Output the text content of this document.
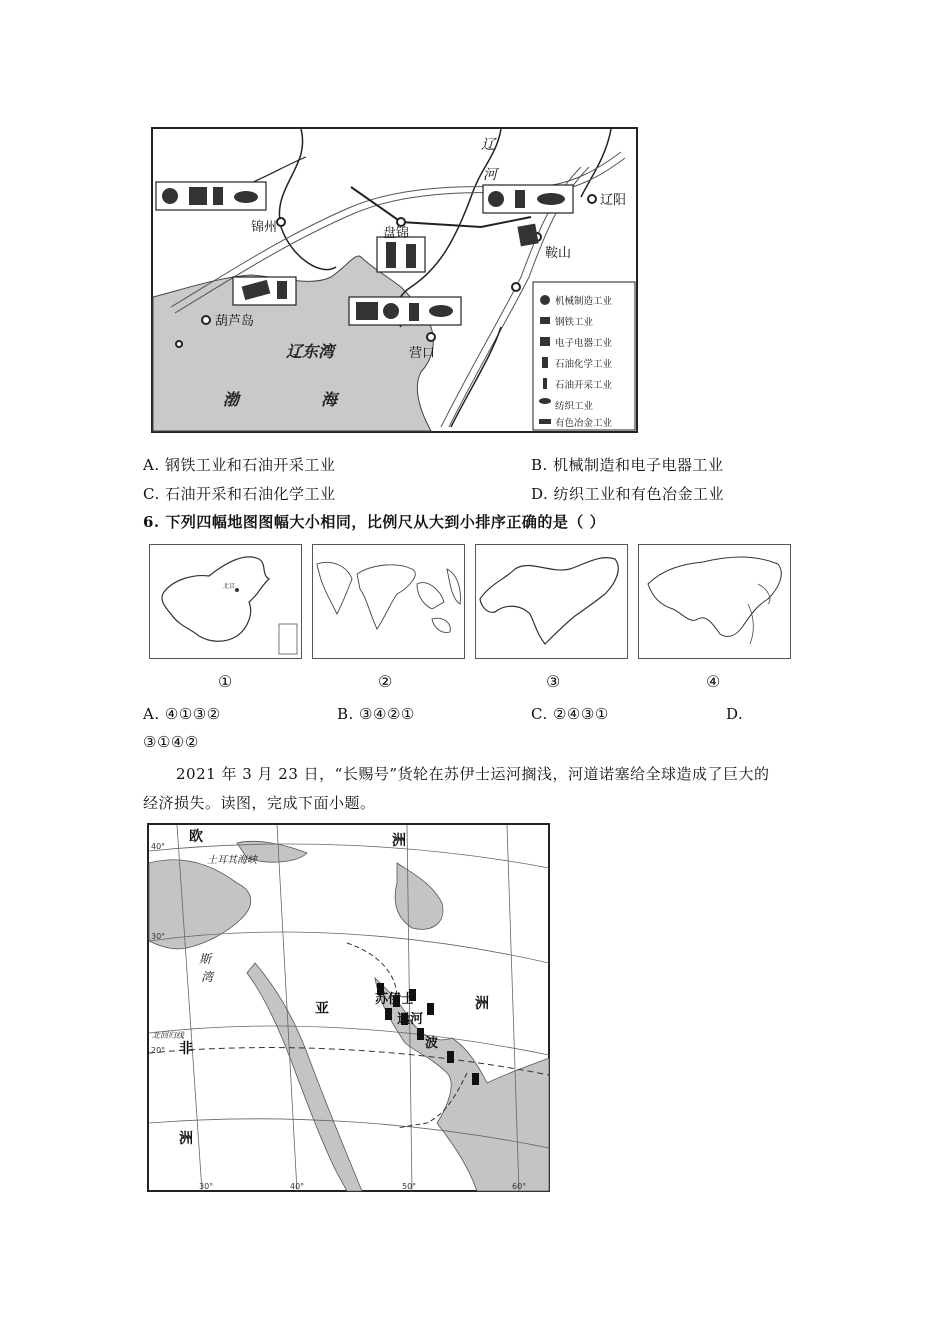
锦州	盘锦
辽阳
鞍山
葫芦岛
营口
辽
河
辽东湾
渤	海
机械制造工业
钢铁工业
电子电器工业
石油化学工业
石油开采工业
纺织工业
有色冶金工业
A. 钢铁工业和石油开采工业	B. 机械制造和电子电器工业
C. 石油开采和石油化学工业	D. 纺织工业和有色冶金工业
6. 下列四幅地图图幅大小相同，比例尺从大到小排序正确的是（ ）
北京
①	②	③	④
A. ④①③②	B. ③④②①	C. ②④③①	D.
③①④②
2021 年 3 月 23 日，“长赐号”货轮在苏伊士运河搁浅，河道诺塞给全球造成了巨大的
经济损失。读图，完成下面小题。
欧	洲
亚	洲
非
洲
苏伊士
运河
波
斯
湾
北回归线
土耳其海峡
30°	40°	50°	60°
40°
30°
20°
